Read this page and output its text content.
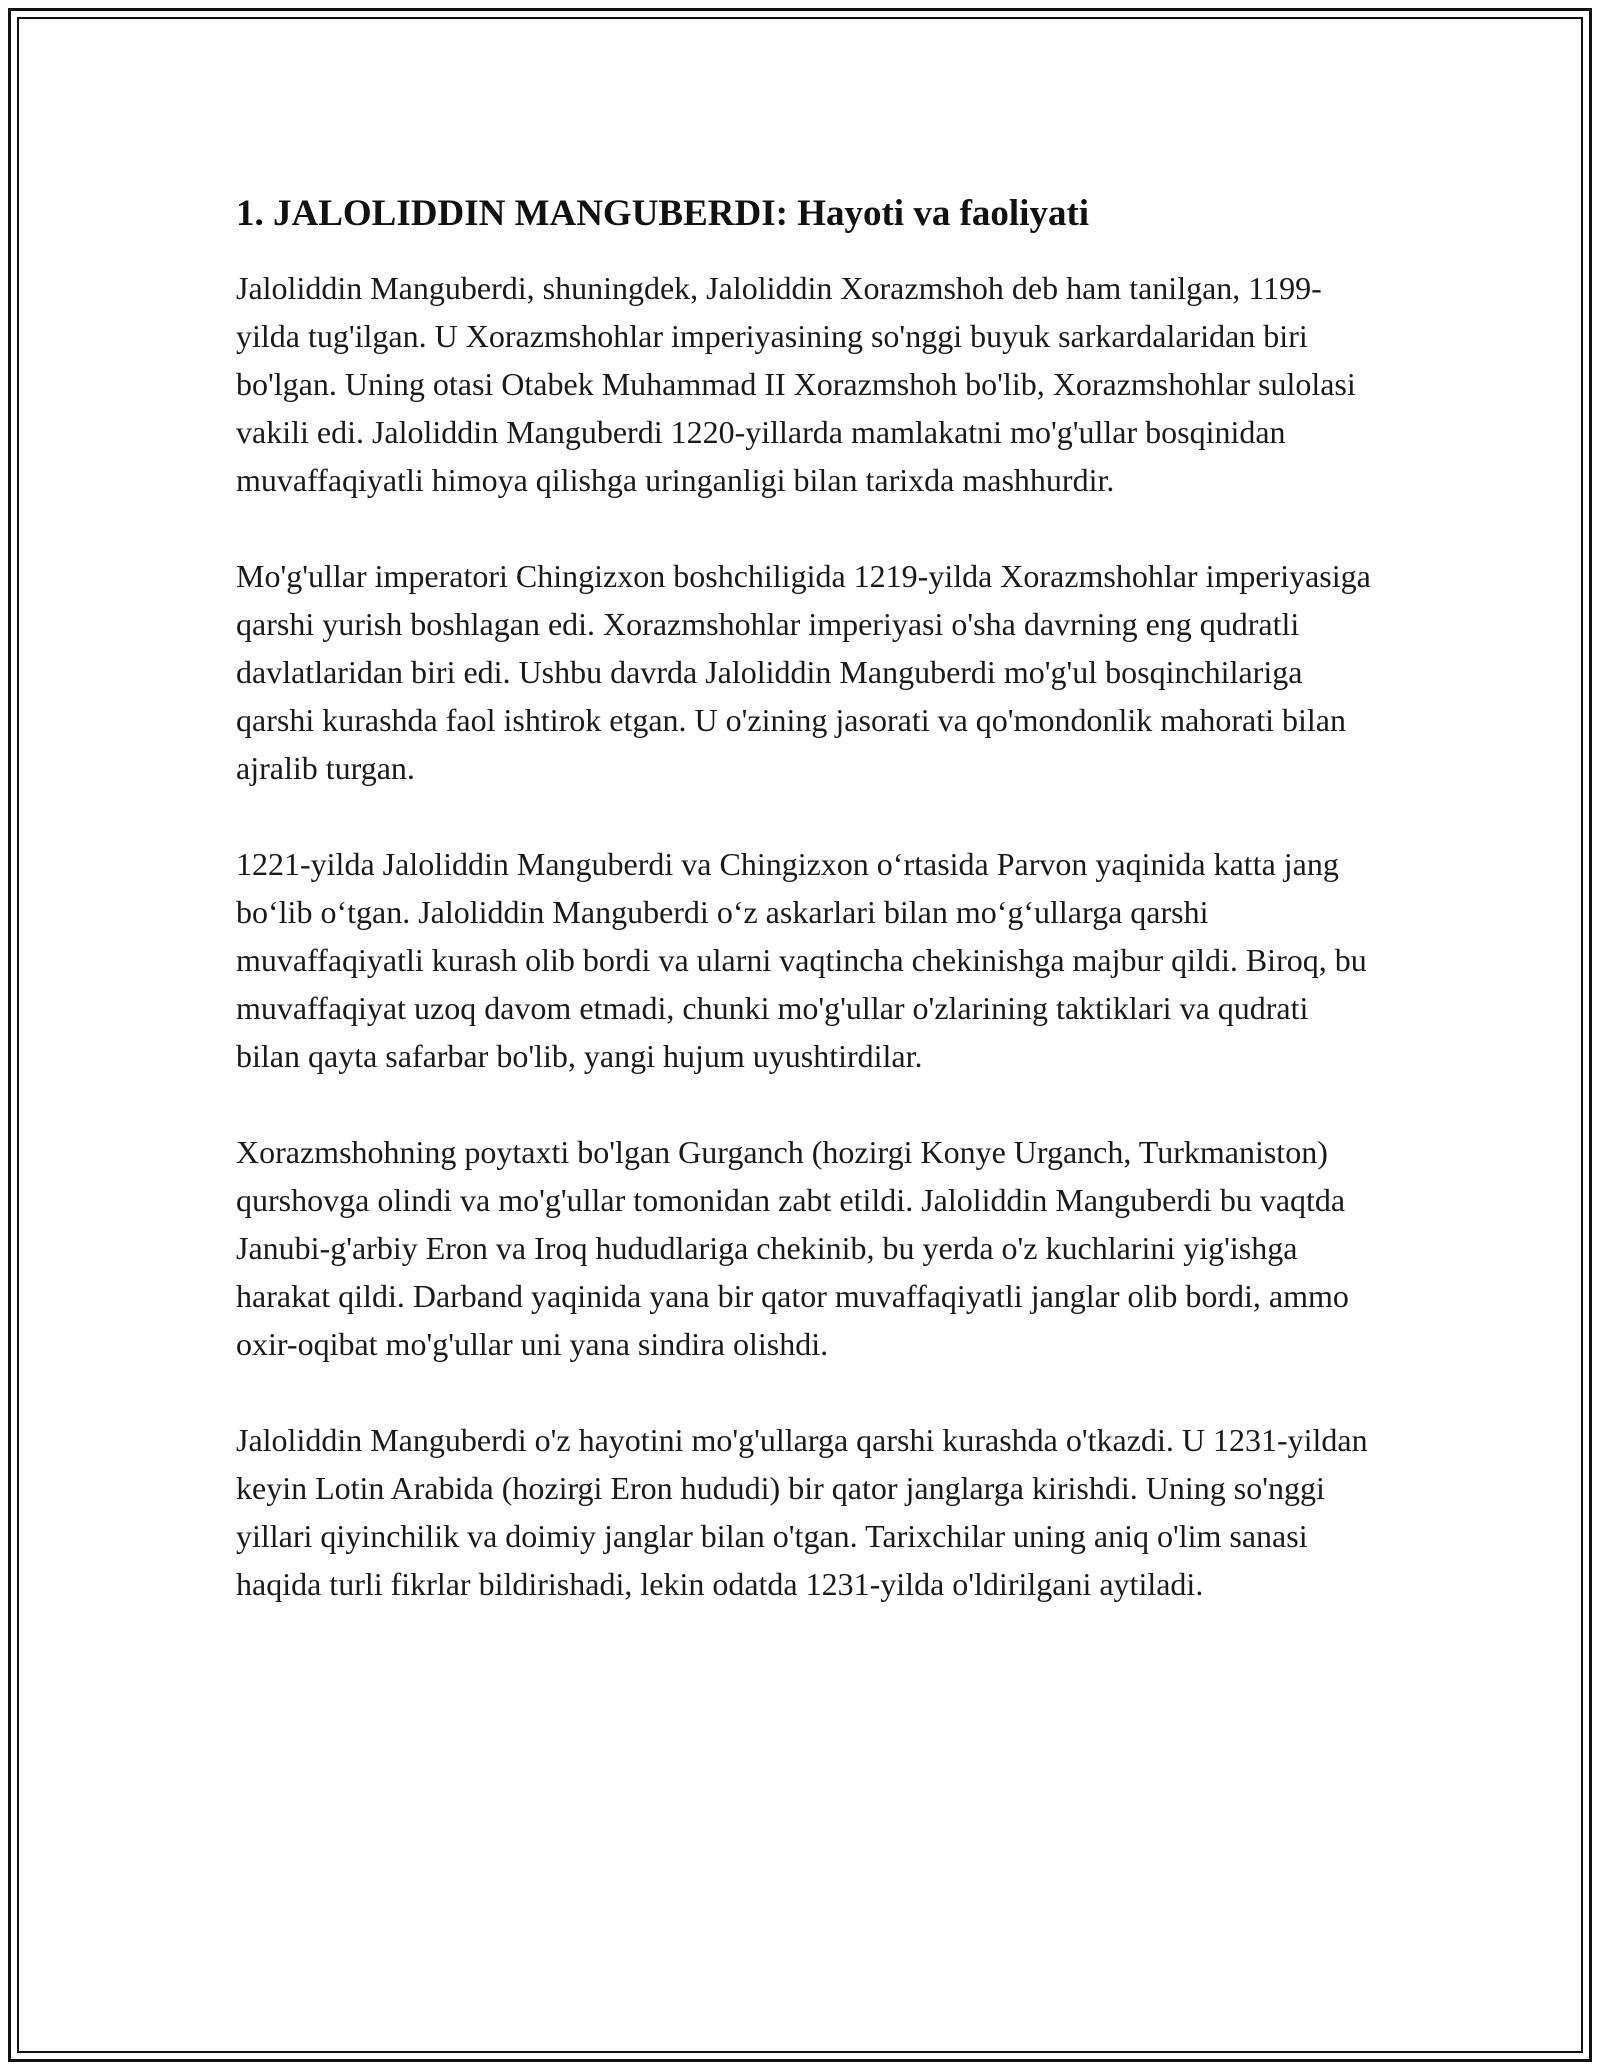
1. JALOLIDDIN MANGUBERDI: Hayoti va faoliyati

Jaloliddin Manguberdi, shuningdek, Jaloliddin Xorazmshoh deb ham tanilgan, 1199-yilda tug'ilgan. U Xorazmshohlar imperiyasining so'nggi buyuk sarkardalaridan biri bo'lgan. Uning otasi Otabek Muhammad II Xorazmshoh bo'lib, Xorazmshohlar sulolasi vakili edi. Jaloliddin Manguberdi 1220-yillarda mamlakatni mo'g'ullar bosqinidan muvaffaqiyatli himoya qilishga uringanligi bilan tarixda mashhurdir.

Mo'g'ullar imperatori Chingizxon boshchiligida 1219-yilda Xorazmshohlar imperiyasiga qarshi yurish boshlagan edi. Xorazmshohlar imperiyasi o'sha davrning eng qudratli davlatlaridan biri edi. Ushbu davrda Jaloliddin Manguberdi mo'g'ul bosqinchilariga qarshi kurashda faol ishtirok etgan. U o'zining jasorati va qo'mondonlik mahorati bilan ajralib turgan.

1221-yilda Jaloliddin Manguberdi va Chingizxon o‘rtasida Parvon yaqinida katta jang bo‘lib o‘tgan. Jaloliddin Manguberdi o‘z askarlari bilan mo‘g‘ullarga qarshi muvaffaqiyatli kurash olib bordi va ularni vaqtincha chekinishga majbur qildi. Biroq, bu muvaffaqiyat uzoq davom etmadi, chunki mo'g'ullar o'zlarining taktiklari va qudrati bilan qayta safarbar bo'lib, yangi hujum uyushtirdilar.

Xorazmshohning poytaxti bo'lgan Gurganch (hozirgi Konye Urganch, Turkmaniston) qurshovga olindi va mo'g'ullar tomonidan zabt etildi. Jaloliddin Manguberdi bu vaqtda Janubi-g'arbiy Eron va Iroq hududlariga chekinib, bu yerda o'z kuchlarini yig'ishga harakat qildi. Darband yaqinida yana bir qator muvaffaqiyatli janglar olib bordi, ammo oxir-oqibat mo'g'ullar uni yana sindira olishdi.

Jaloliddin Manguberdi o'z hayotini mo'g'ullarga qarshi kurashda o'tkazdi. U 1231-yildan keyin Lotin Arabida (hozirgi Eron hududi) bir qator janglarga kirishdi. Uning so'nggi yillari qiyinchilik va doimiy janglar bilan o'tgan. Tarixchilar uning aniq o'lim sanasi haqida turli fikrlar bildirishadi, lekin odatda 1231-yilda o'ldirilgani aytiladi.
